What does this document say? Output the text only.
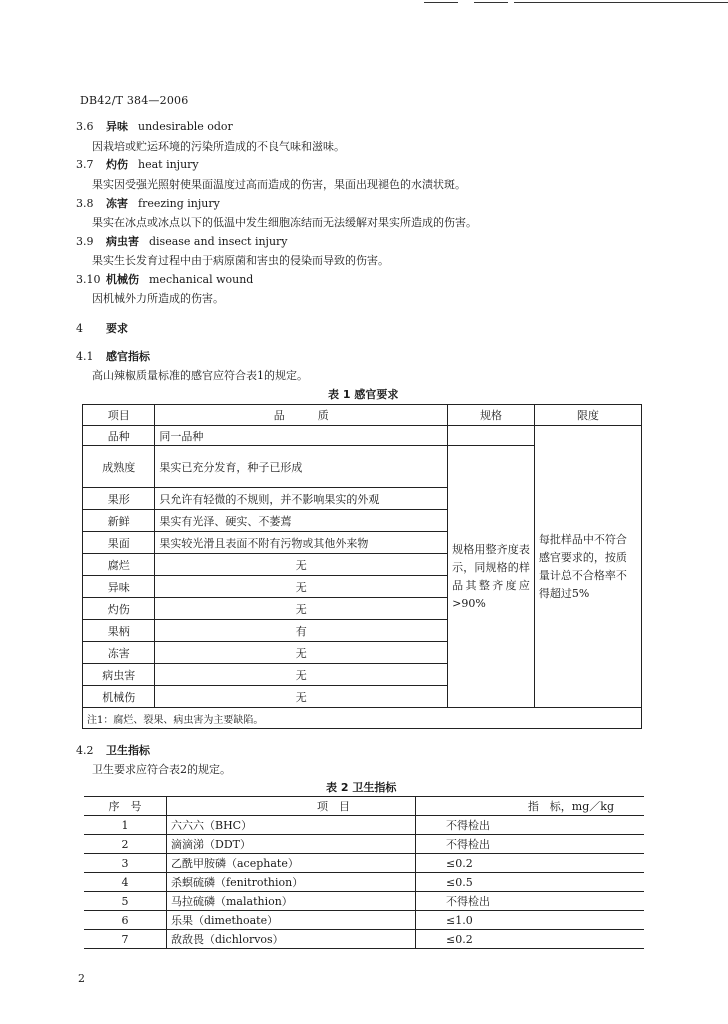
DB42/T 384—2006
3.6 异味 undesirable odor
因栽培或贮运环境的污染所造成的不良气味和滋味。
3.7 灼伤 heat injury
果实因受强光照射使果面温度过高而造成的伤害，果面出现褪色的水渍状斑。
3.8 冻害 freezing injury
果实在冰点或冰点以下的低温中发生细胞冻结而无法缓解对果实所造成的伤害。
3.9 病虫害 disease and insect injury
果实生长发育过程中由于病原菌和害虫的侵染而导致的伤害。
3.10 机械伤 mechanical wound
因机械外力所造成的伤害。
4 要求
4.1 感官指标
高山辣椒质量标准的感官应符合表1的规定。
表 1 感官要求
项目	品　　　质	规格	限度
品种	同一品种		每批样品中不符合感官要求的，按质量计总不合格率不得超过5%
成熟度	果实已充分发育，种子已形成	规格用整齐度表示，同规格的样品其整齐度应>90%	
果形	只允许有轻微的不规则，并不影响果实的外观		
新鲜	果实有光泽、硬实、不萎蔫		
果面	果实较光滑且表面不附有污物或其他外来物		
腐烂	无		
异味	无		
灼伤	无		
果柄	有		
冻害	无		
病虫害	无		
机械伤	无		
注1：腐烂、裂果、病虫害为主要缺陷。			
4.2 卫生指标
卫生要求应符合表2的规定。
表 2 卫生指标
序　号	项　目	指　标，mg／kg
1	六六六（BHC）	不得检出
2	滴滴涕（DDT）	不得检出
3	乙酰甲胺磷（acephate）	≤0.2
4	杀螟硫磷（fenitrothion）	≤0.5
5	马拉硫磷（malathion）	不得检出
6	乐果（dimethoate）	≤1.0
7	敌敌畏（dichlorvos）	≤0.2
2
